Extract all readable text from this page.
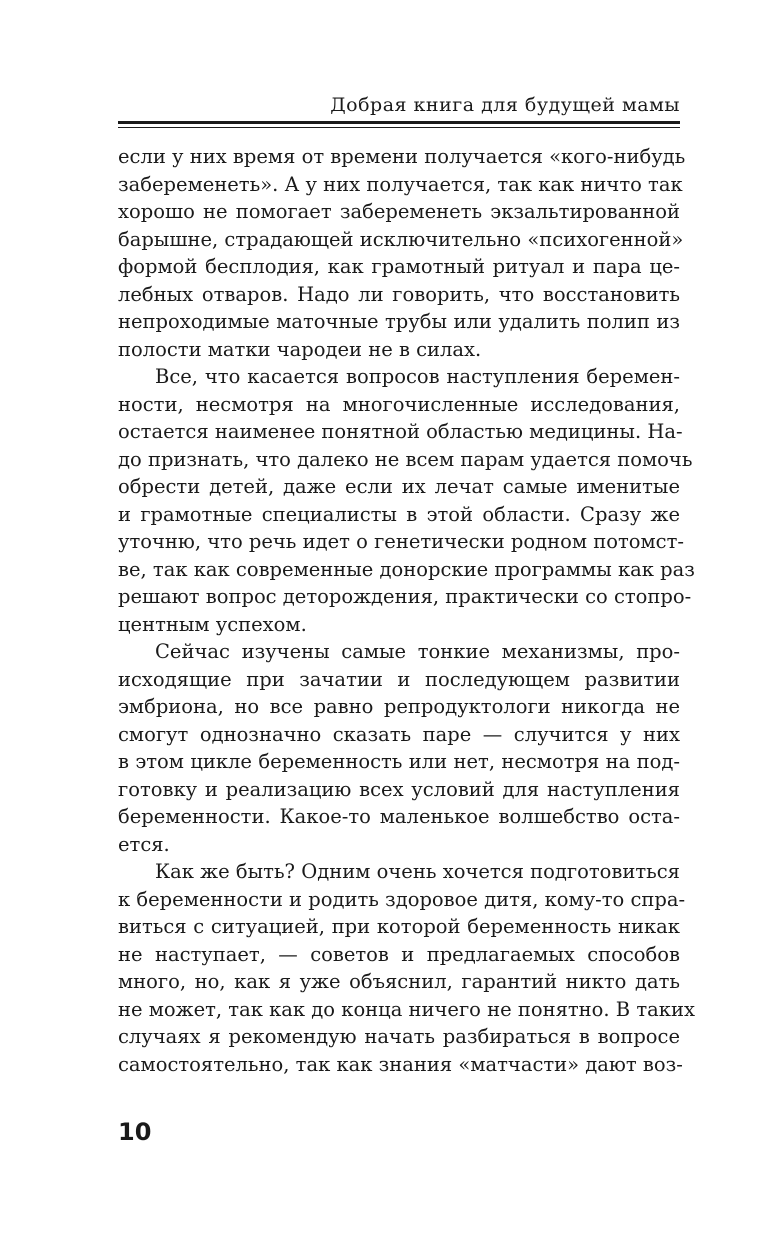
Добрая книга для будущей мамы
если у них время от времени получается «кого-нибудь
забеременеть». А у них получается, так как ничто так
хорошо не помогает забеременеть экзальтированной
барышне, страдающей исключительно «психогенной»
формой бесплодия, как грамотный ритуал и пара це-
лебных отваров. Надо ли говорить, что восстановить
непроходимые маточные трубы или удалить полип из
полости матки чародеи не в силах.
Все, что касается вопросов наступления беремен-
ности, несмотря на многочисленные исследования,
остается наименее понятной областью медицины. На-
до признать, что далеко не всем парам удается помочь
обрести детей, даже если их лечат самые именитые
и грамотные специалисты в этой области. Сразу же
уточню, что речь идет о генетически родном потомст-
ве, так как современные донорские программы как раз
решают вопрос деторождения, практически со стопро-
центным успехом.
Сейчас изучены самые тонкие механизмы, про-
исходящие при зачатии и последующем развитии
эмбриона, но все равно репродуктологи никогда не
смогут однозначно сказать паре — случится у них
в этом цикле беременность или нет, несмотря на под-
готовку и реализацию всех условий для наступления
беременности. Какое-то маленькое волшебство оста-
ется.
Как же быть? Одним очень хочется подготовиться
к беременности и родить здоровое дитя, кому-то спра-
виться с ситуацией, при которой беременность никак
не наступает, — советов и предлагаемых способов
много, но, как я уже объяснил, гарантий никто дать
не может, так как до конца ничего не понятно. В таких
случаях я рекомендую начать разбираться в вопросе
самостоятельно, так как знания «матчасти» дают воз-
10
